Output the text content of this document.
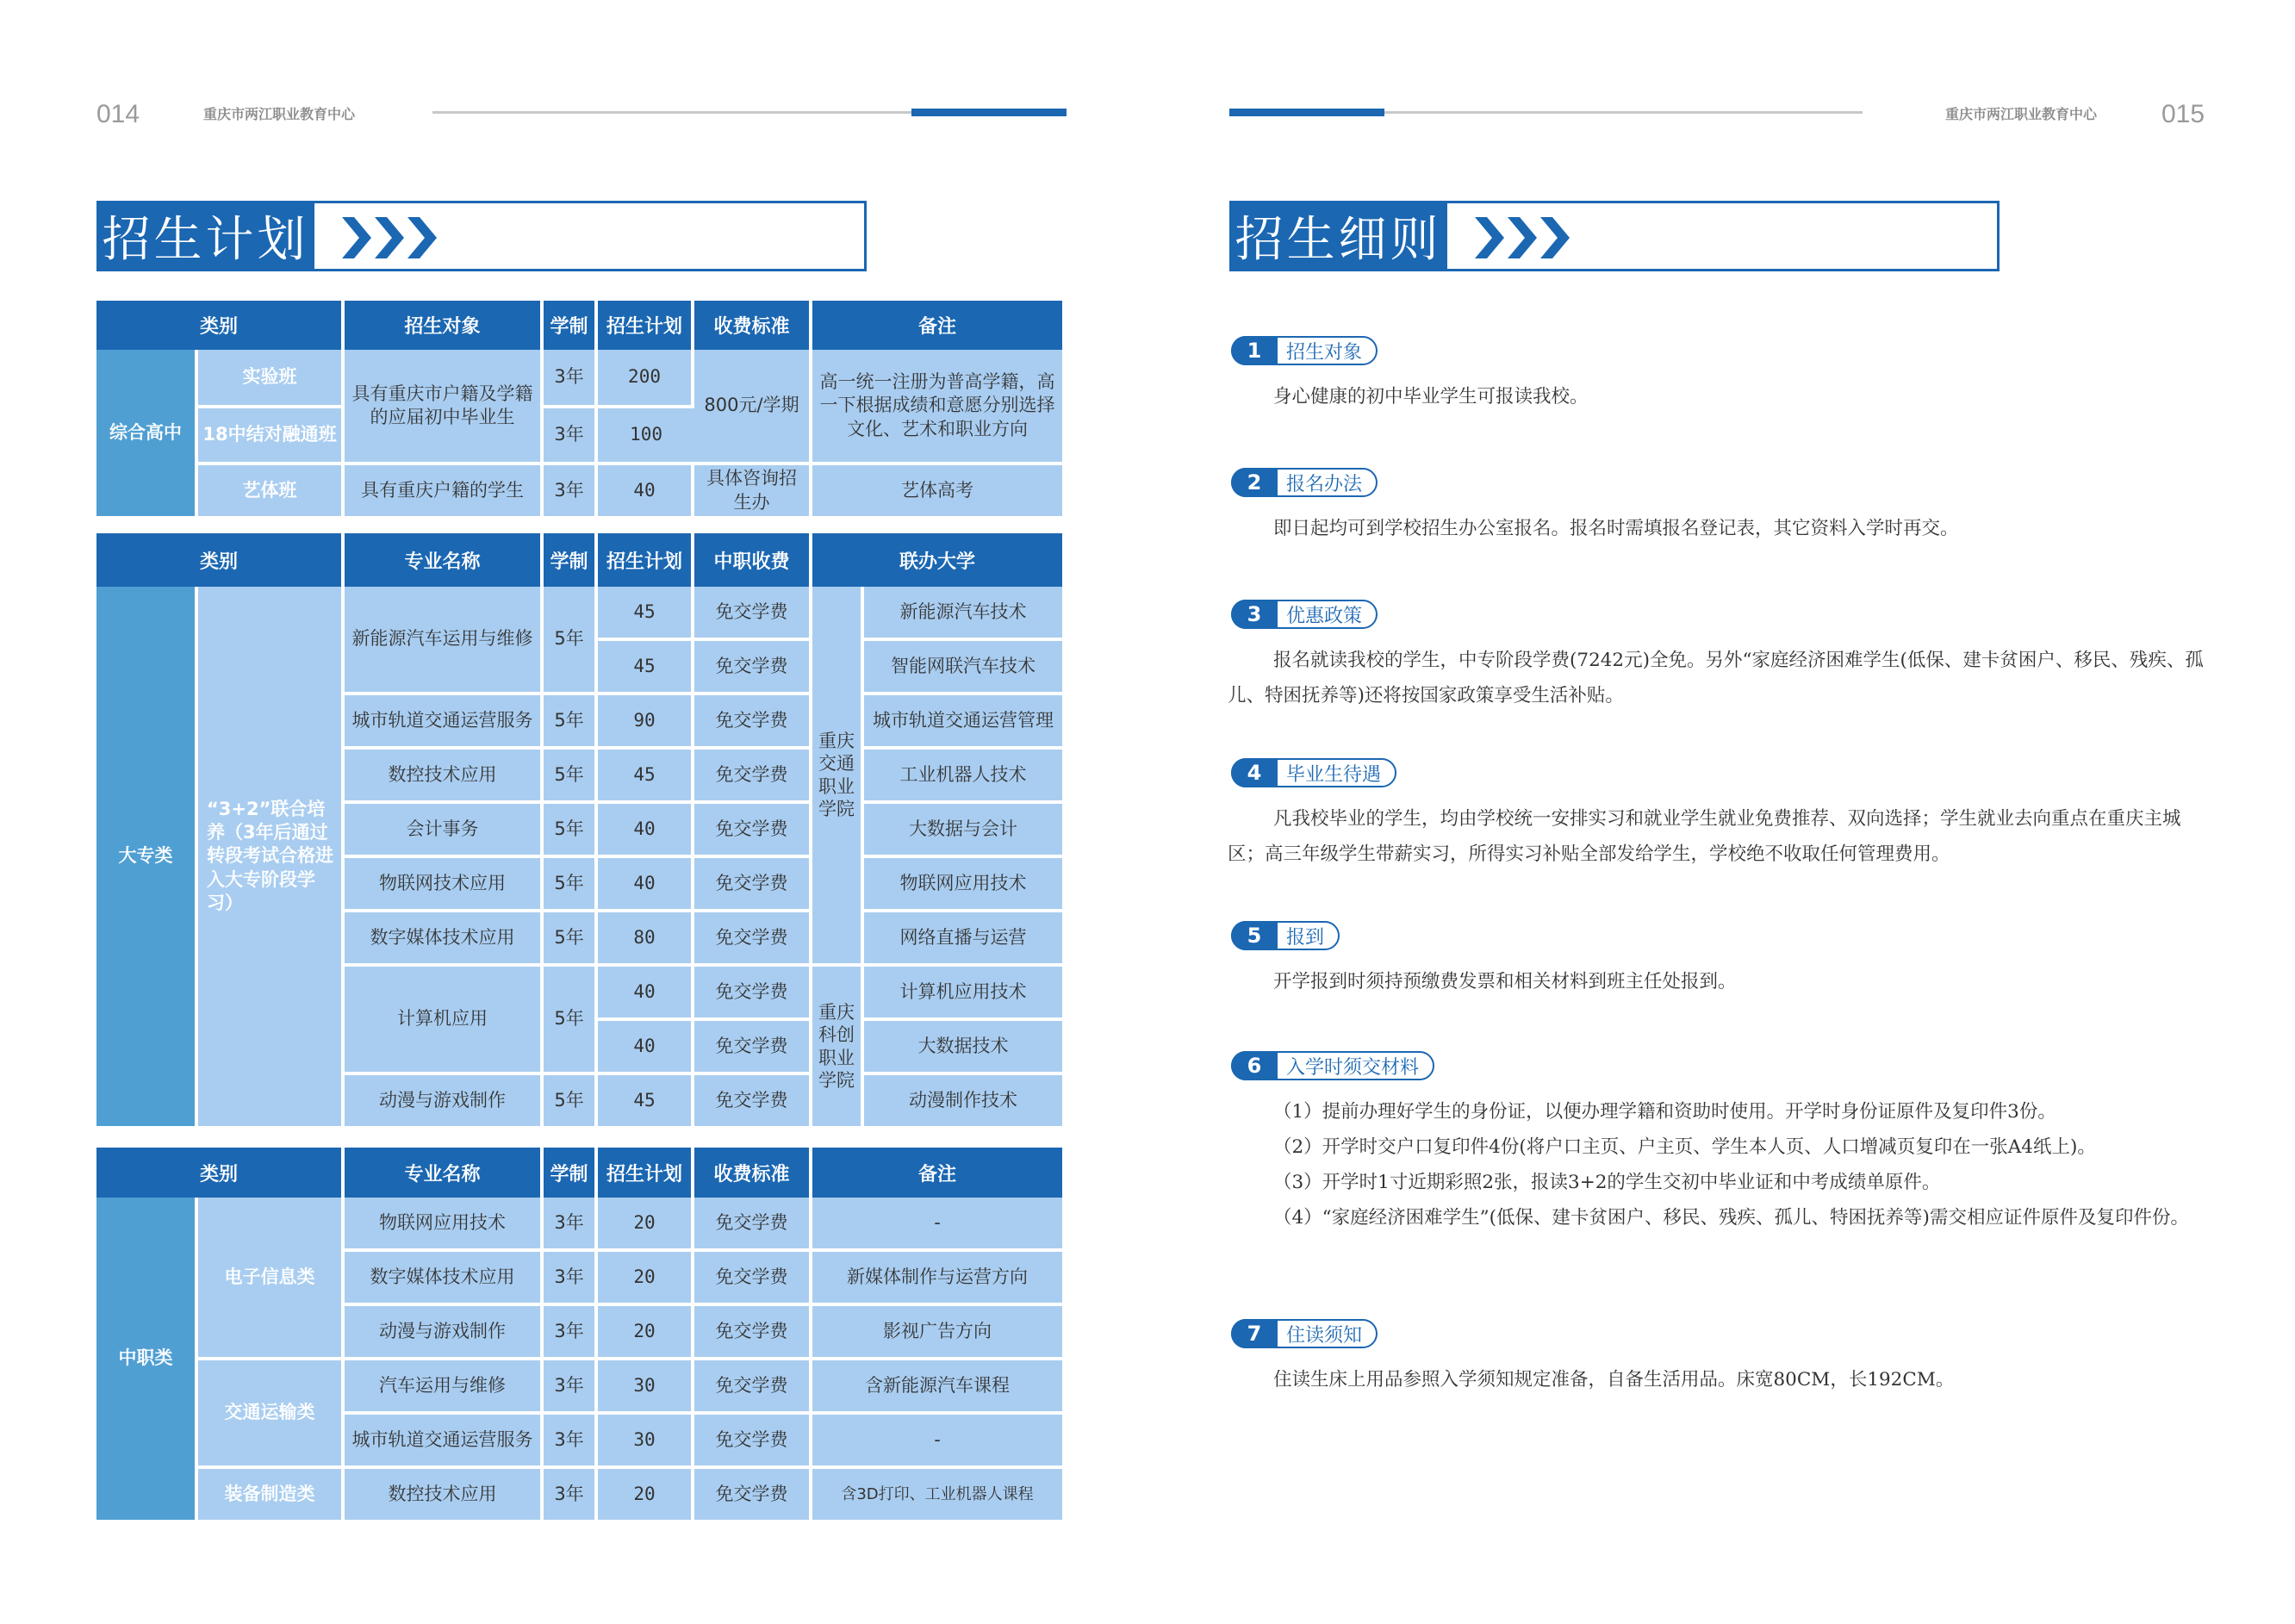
014	重庆市两江职业教育中心	重庆市两江职业教育中心 015
招生计划	招生细则
类别		招生对象	学制	招生计划	收费标准	备注
综合高中	实验班	具有重庆市户籍及学籍的应届初中毕业生	3年	200	800元/学期	高一统一注册为普高学籍，高一下根据成绩和意愿分别选择文化、艺术和职业方向
	18中结对融通班		3年	100		
	艺体班	具有重庆户籍的学生	3年	40	具体咨询招生办	艺体高考
类别		专业名称	学制	招生计划	中职收费	联办大学	
大专类	“3+2”联合培养（3年后通过转段考试合格进入大专阶段学习）	新能源汽车运用与维修	5年	45	免交学费	重庆交通职业学院	新能源汽车技术
				45	免交学费		智能网联汽车技术
		城市轨道交通运营服务	5年	90	免交学费		城市轨道交通运营管理
		数控技术应用	5年	45	免交学费		工业机器人技术
		会计事务	5年	40	免交学费		大数据与会计
		物联网技术应用	5年	40	免交学费		物联网应用技术
		数字媒体技术应用	5年	80	免交学费		网络直播与运营
		计算机应用	5年	40	免交学费	重庆科创职业学院	计算机应用技术
				40	免交学费		大数据技术
		动漫与游戏制作	5年	45	免交学费		动漫制作技术
类别		专业名称	学制	招生计划	收费标准	备注
中职类	电子信息类	物联网应用技术	3年	20	免交学费	-
		数字媒体技术应用	3年	20	免交学费	新媒体制作与运营方向
		动漫与游戏制作	3年	20	免交学费	影视广告方向
	交通运输类	汽车运用与维修	3年	30	免交学费	含新能源汽车课程
		城市轨道交通运营服务	3年	30	免交学费	-
	装备制造类	数控技术应用	3年	20	免交学费	含3D打印、工业机器人课程
1	招生对象

身心健康的初中毕业学生可报读我校。

2	报名办法

即日起均可到学校招生办公室报名。报名时需填报名登记表，其它资料入学时再交。

3	优惠政策

报名就读我校的学生，中专阶段学费(7242元)全免。另外“家庭经济困难学生(低保、建卡贫困户、移民、残疾、孤儿、特困抚养等)还将按国家政策享受生活补贴。

4	毕业生待遇

凡我校毕业的学生，均由学校统一安排实习和就业学生就业免费推荐、双向选择；学生就业去向重点在重庆主城区；高三年级学生带薪实习，所得实习补贴全部发给学生，学校绝不收取任何管理费用。

5	报到

开学报到时须持预缴费发票和相关材料到班主任处报到。

6	入学时须交材料

（1）提前办理好学生的身份证，以便办理学籍和资助时使用。开学时身份证原件及复印件3份。

（2）开学时交户口复印件4份(将户口主页、户主页、学生本人页、人口增减页复印在一张A4纸上)。

（3）开学时1寸近期彩照2张，报读3+2的学生交初中毕业证和中考成绩单原件。

（4）“家庭经济困难学生”(低保、建卡贫困户、移民、残疾、孤儿、特困抚养等)需交相应证件原件及复印件份。

7	住读须知

住读生床上用品参照入学须知规定准备，自备生活用品。床宽80CM，长192CM。
